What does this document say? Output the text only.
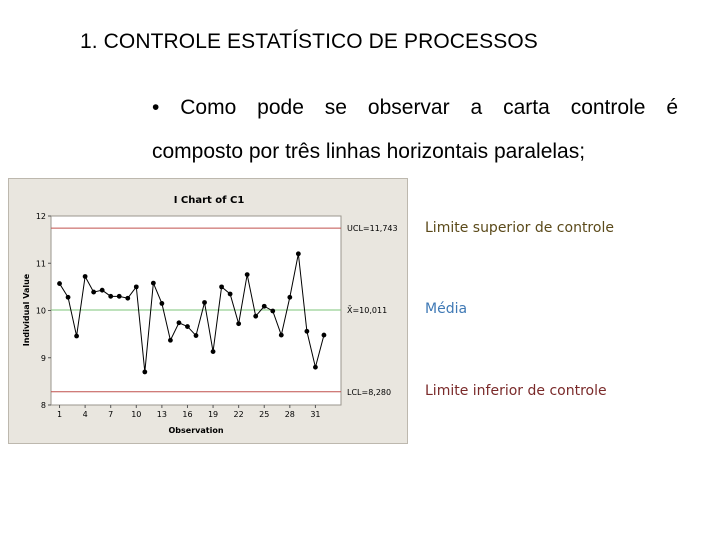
1. CONTROLE ESTATÍSTICO DE PROCESSOS
• Como pode se observar a carta controle é
composto por três linhas horizontais paralelas;
I Chart of C1
UCL=11,743
X̄=10,011
LCL=8,280
1	4	7 10 13 16 19 22 25 28 31
8
9
10
11
12
Observation
Individual Value
Limite superior de controle
Média
Limite inferior de controle
